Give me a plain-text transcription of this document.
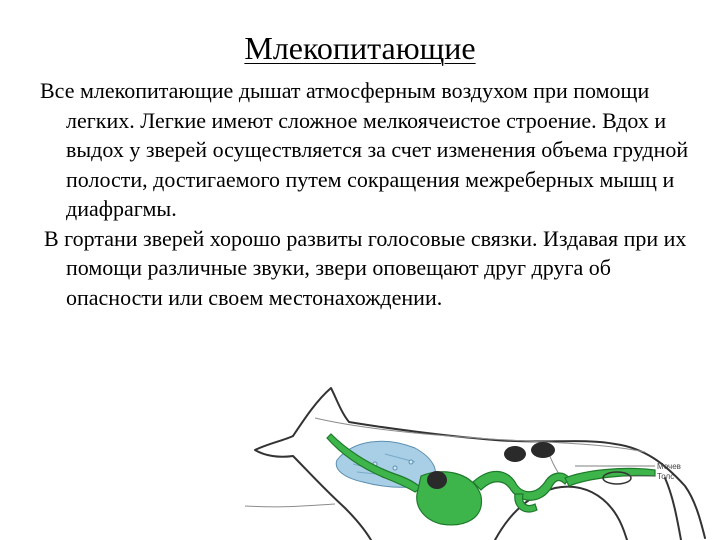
Млекопитающие

Все млекопитающие дышат атмосферным воздухом при помощи легких. Легкие имеют сложное мелкоячеистое строение. Вдох и выдох у зверей осуществляется за счет изменения объема грудной полости, достигаемого путем сокращения межреберных мышц и диафрагмы.

В гортани зверей хорошо развиты голосовые связки. Издавая при их помощи различные звуки, звери оповещают друг друга об опасности или своем местонахождении.

Мочев
Толс
